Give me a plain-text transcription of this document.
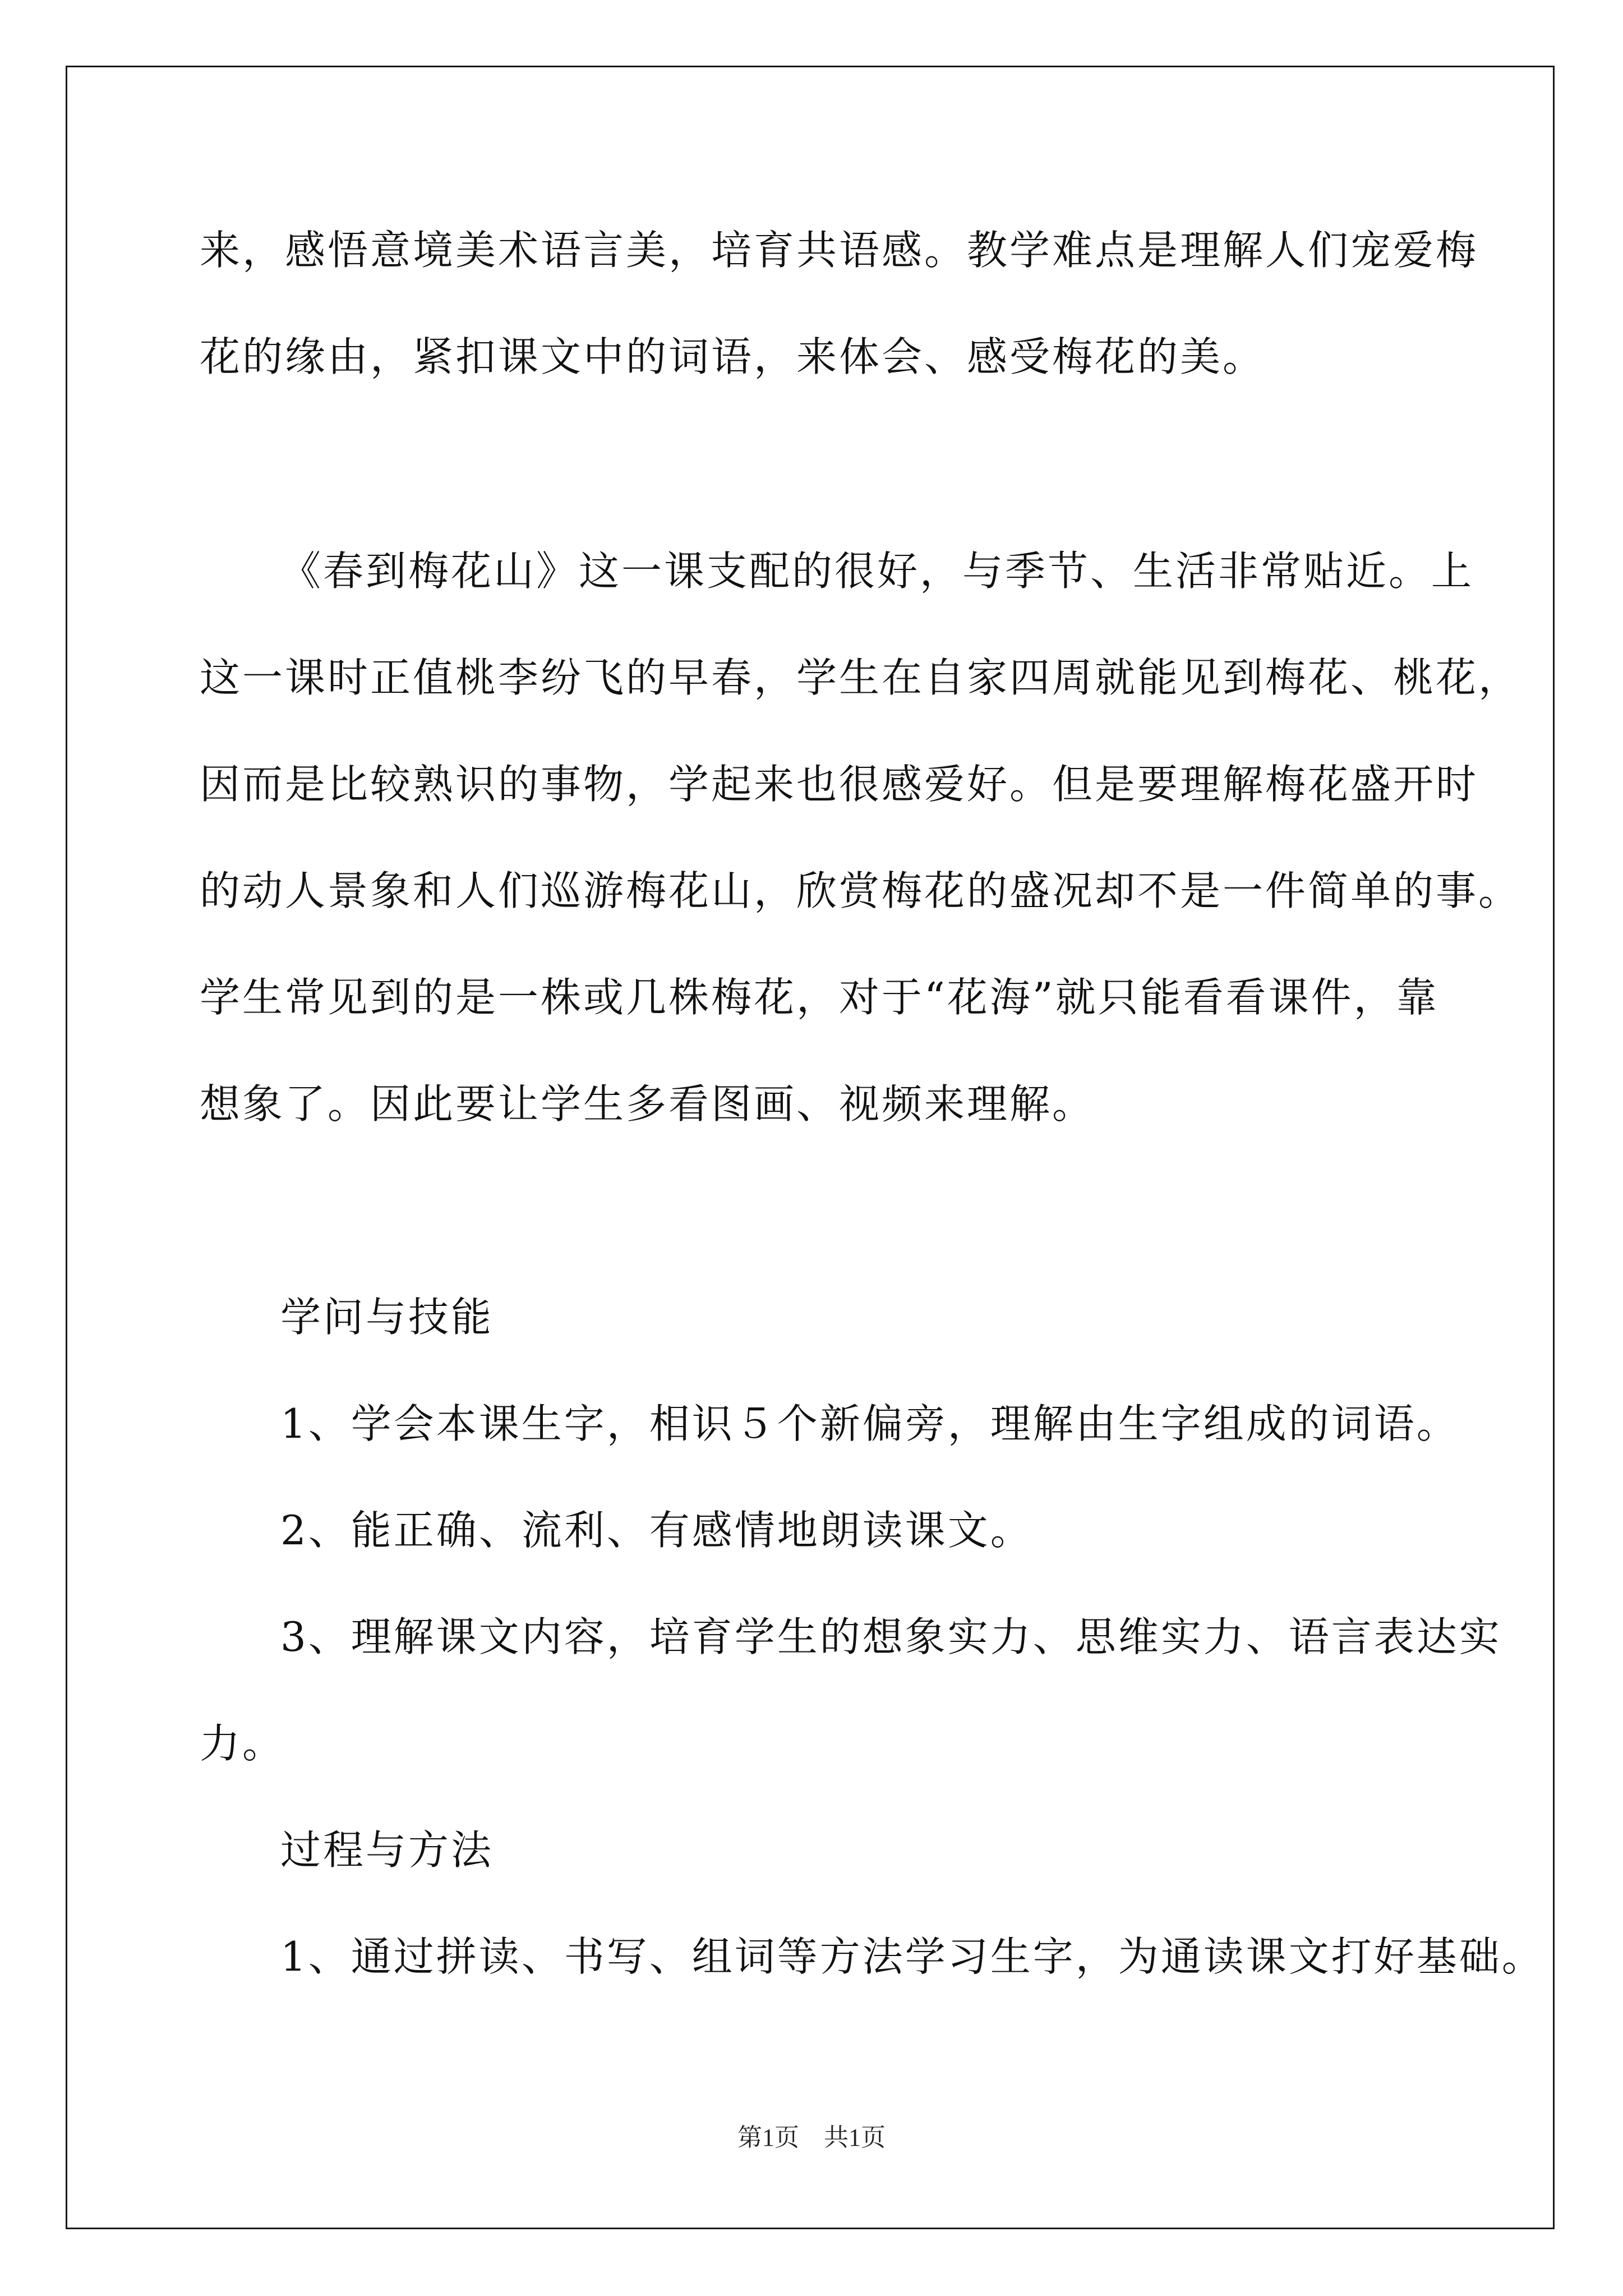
来，感悟意境美术语言美，培育共语感。教学难点是理解人们宠爱梅
花的缘由，紧扣课文中的词语，来体会、感受梅花的美。
《春到梅花山》这一课支配的很好，与季节、生活非常贴近。上
这一课时正值桃李纷飞的早春，学生在自家四周就能见到梅花、桃花，
因而是比较熟识的事物，学起来也很感爱好。但是要理解梅花盛开时
的动人景象和人们巡游梅花山，欣赏梅花的盛况却不是一件简单的事。
学生常见到的是一株或几株梅花，对于“花海”就只能看看课件，靠
想象了。因此要让学生多看图画、视频来理解。
学问与技能
1、学会本课生字，相识５个新偏旁，理解由生字组成的词语。
2、能正确、流利、有感情地朗读课文。
3、理解课文内容，培育学生的想象实力、思维实力、语言表达实
力。
过程与方法
1、通过拼读、书写、组词等方法学习生字，为通读课文打好基础。
第1页　共1页
